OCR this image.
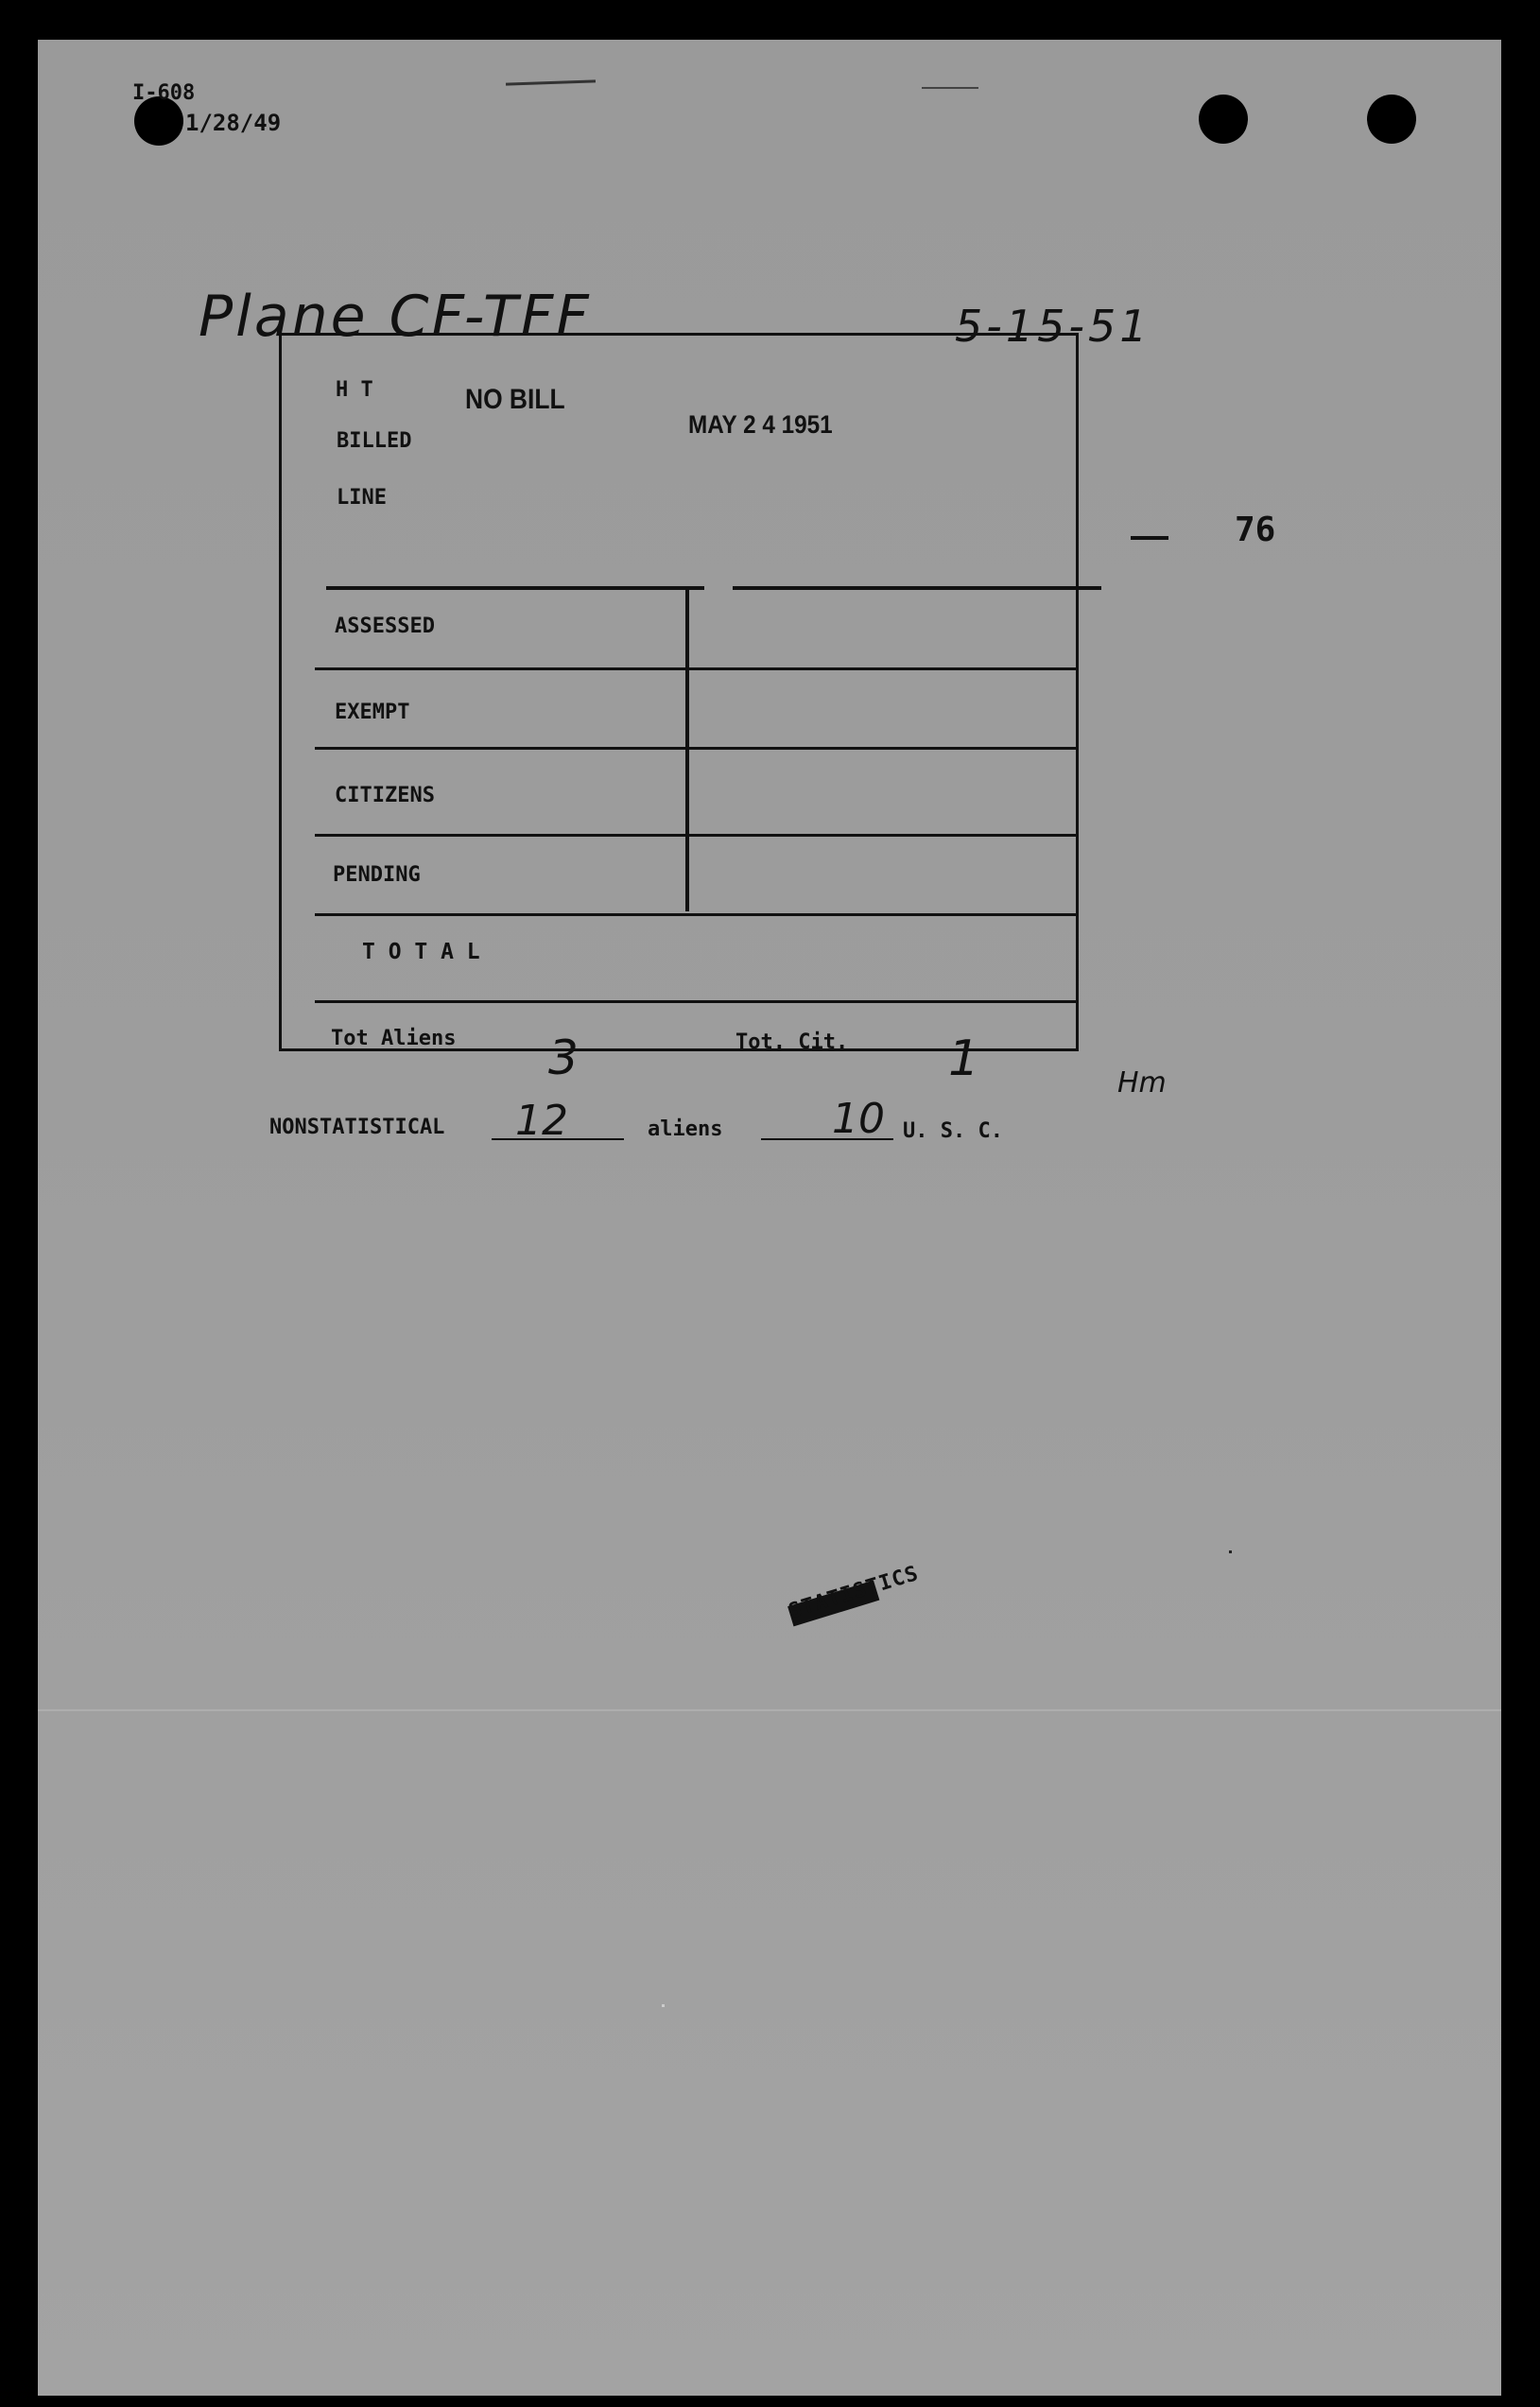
I-608
1/28/49
Plane CF-TFF	5-15-51
H T	NO BILL
MAY 2 4 1951
BILLED
LINE
ASSESSED
EXEMPT
CITIZENS
PENDING
T O T A L
Tot Aliens 3	Tot. Cit. 1	Hm
76
NONSTATISTICAL 12	aliens	10 U. S. C.
STATISTICS
